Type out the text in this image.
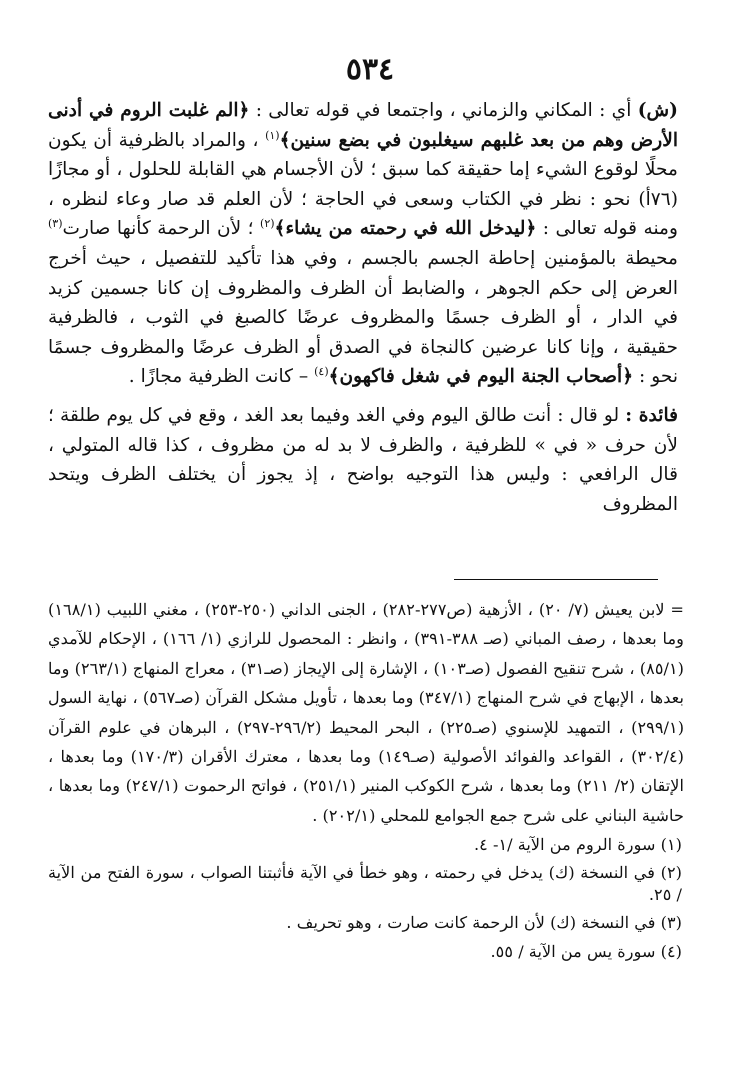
٥٣٤

(ش) أي : المكاني والزماني ، واجتمعا في قوله تعالى : ﴿الم غلبت الروم في أدنى الأرض وهم من بعد غلبهم سيغلبون في بضع سنين﴾$^{(١)}$ ، والمراد بالظرفية أن يكون محلًا لوقوع الشيء إما حقيقة كما سبق ؛ لأن الأجسام هي القابلة للحلول ، أو مجازًا (٧٦أ) نحو : نظر في الكتاب وسعى في الحاجة ؛ لأن العلم قد صار وعاء لنظره ، ومنه قوله تعالى : ﴿ليدخل الله في رحمته من يشاء﴾$^{(٢)}$ ؛ لأن الرحمة كأنها صارت$^{(٣)}$ محيطة بالمؤمنين إحاطة الجسم بالجسم ، وفي هذا تأكيد للتفصيل ، حيث أخرج العرض إلى حكم الجوهر ، والضابط أن الظرف والمظروف إن كانا جسمين كزيد في الدار ، أو الظرف جسمًا والمظروف عرضًا كالصبغ في الثوب ، فالظرفية حقيقية ، وإنا كانا عرضين كالنجاة في الصدق أو الظرف عرضًا والمظروف جسمًا نحو : ﴿أصحاب الجنة اليوم في شغل فاكهون﴾$^{(٤)}$ – كانت الظرفية مجازًا .

فائدة : لو قال : أنت طالق اليوم وفي الغد وفيما بعد الغد ، وقع في كل يوم طلقة ؛ لأن حرف « في » للظرفية ، والظرف لا بد له من مظروف ، كذا قاله المتولي ، قال الرافعي : وليس هذا التوجيه بواضح ، إذ يجوز أن يختلف الظرف ويتحد المظروف

= لابن يعيش (٧/ ٢٠) ، الأزهية (ص٢٧٧-٢٨٢) ، الجنى الداني (٢٥٠-٢٥٣) ، مغني اللبيب (١٦٨/١) وما بعدها ، رصف المباني (صـ ٣٨٨-٣٩١) ، وانظر : المحصول للرازي (١/ ١٦٦) ، الإحكام للآمدي (٨٥/١) ، شرح تنقيح الفصول (صـ١٠٣) ، الإشارة إلى الإيجاز (صـ٣١) ، معراج المنهاج (٢٦٣/١) وما بعدها ، الإبهاج في شرح المنهاج (٣٤٧/١) وما بعدها ، تأويل مشكل القرآن (صـ٥٦٧) ، نهاية السول (٢٩٩/١) ، التمهيد للإسنوي (صـ٢٢٥) ، البحر المحيط (٢٩٦/٢-٢٩٧) ، البرهان في علوم القرآن (٣٠٢/٤) ، القواعد والفوائد الأصولية (صـ١٤٩) وما بعدها ، معترك الأقران (١٧٠/٣) وما بعدها ، الإتقان (٢/ ٢١١) وما بعدها ، شرح الكوكب المنير (٢٥١/١) ، فواتح الرحموت (٢٤٧/١) وما بعدها ، حاشية البناني على شرح جمع الجوامع للمحلي (٢٠٢/١) .

(١) سورة الروم من الآية /١- ٤.

(٢) في النسخة (ك) يدخل في رحمته ، وهو خطأ في الآية فأثبتنا الصواب ، سورة الفتح من الآية / ٢٥.

(٣) في النسخة (ك) لأن الرحمة كانت صارت ، وهو تحريف .

(٤) سورة يس من الآية / ٥٥.
